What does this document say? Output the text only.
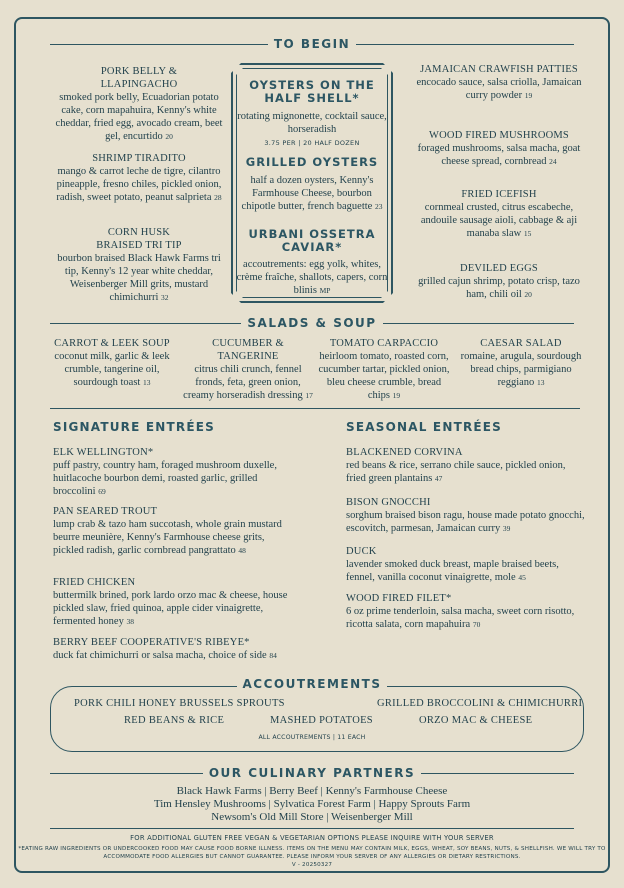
TO BEGIN
PORK BELLY &
LLAPINGACHO
smoked pork belly, Ecuadorian potato cake, corn mapahuira, Kenny's white cheddar, fried egg, avocado cream, beet gel, encurtido 20
SHRIMP TIRADITO
mango & carrot leche de tigre, cilantro pineapple, fresno chiles, pickled onion, radish, sweet potato, peanut salprieta 28
CORN HUSK
BRAISED TRI TIP
bourbon braised Black Hawk Farms tri tip, Kenny's 12 year white cheddar, Weisenberger Mill grits, mustard chimichurri 32
OYSTERS ON THE HALF SHELL*
rotating mignonette, cocktail sauce, horseradish
3.75 PER | 20 HALF DOZEN
GRILLED OYSTERS
half a dozen oysters, Kenny's Farmhouse Cheese, bourbon chipotle butter, french baguette 23
URBANI OSSETRA CAVIAR*
accoutrements: egg yolk, whites, crème fraîche, shallots, capers, corn blinis MP
JAMAICAN CRAWFISH PATTIES
encocado sauce, salsa criolla, Jamaican curry powder 19
WOOD FIRED MUSHROOMS
foraged mushrooms, salsa macha, goat cheese spread, cornbread 24
FRIED ICEFISH
cornmeal crusted, citrus escabeche, andouile sausage aioli, cabbage & aji manaba slaw 15
DEVILED EGGS
grilled cajun shrimp, potato crisp, tazo ham, chili oil 20
SALADS & SOUP
CARROT & LEEK SOUP
coconut milk, garlic & leek crumble, tangerine oil, sourdough toast 13
CUCUMBER & TANGERINE
citrus chili crunch, fennel fronds, feta, green onion, creamy horseradish dressing 17
TOMATO CARPACCIO
heirloom tomato, roasted corn, cucumber tartar, pickled onion, bleu cheese crumble, bread chips 19
CAESAR SALAD
romaine, arugula, sourdough bread chips, parmigiano reggiano 13
SIGNATURE ENTRÉES
ELK WELLINGTON*
puff pastry, country ham, foraged mushroom duxelle, huitlacoche bourbon demi, roasted garlic, grilled broccolini 69
PAN SEARED TROUT
lump crab & tazo ham succotash, whole grain mustard beurre meunière, Kenny's Farmhouse cheese grits, pickled radish, garlic cornbread pangrattato 48
FRIED CHICKEN
buttermilk brined, pork lardo orzo mac & cheese, house pickled slaw, fried quinoa, apple cider vinaigrette, fermented honey 38
BERRY BEEF COOPERATIVE'S RIBEYE*
duck fat chimichurri or salsa macha, choice of side 84
SEASONAL ENTRÉES
BLACKENED CORVINA
red beans & rice, serrano chile sauce, pickled onion, fried green plantains 47
BISON GNOCCHI
sorghum braised bison ragu, house made potato gnocchi, escovitch, parmesan, Jamaican curry 39
DUCK
lavender smoked duck breast, maple braised beets, fennel, vanilla coconut vinaigrette, mole 45
WOOD FIRED FILET*
6 oz prime tenderloin, salsa macha, sweet corn risotto, ricotta salata, corn mapahuira 70
ACCOUTREMENTS
PORK CHILI HONEY BRUSSELS SPROUTS	GRILLED BROCCOLINI & CHIMICHURRI
RED BEANS & RICE	MASHED POTATOES	ORZO MAC & CHEESE
ALL ACCOUTREMENTS | 11 EACH
OUR CULINARY PARTNERS
Black Hawk Farms | Berry Beef | Kenny's Farmhouse Cheese
Tim Hensley Mushrooms | Sylvatica Forest Farm | Happy Sprouts Farm
Newsom's Old Mill Store | Weisenberger Mill
FOR ADDITIONAL GLUTEN FREE VEGAN & VEGETARIAN OPTIONS PLEASE INQUIRE WITH YOUR SERVER
*EATING RAW INGREDIENTS OR UNDERCOOKED FOOD MAY CAUSE FOOD BORNE ILLNESS. ITEMS ON THE MENU MAY CONTAIN MILK, EGGS, WHEAT, SOY BEANS, NUTS, & SHELLFISH. WE WILL TRY TO
ACCOMMODATE FOOD ALLERGIES BUT CANNOT GUARANTEE. PLEASE INFORM YOUR SERVER OF ANY ALLERGIES OR DIETARY RESTRICTIONS.
V - 20250327
